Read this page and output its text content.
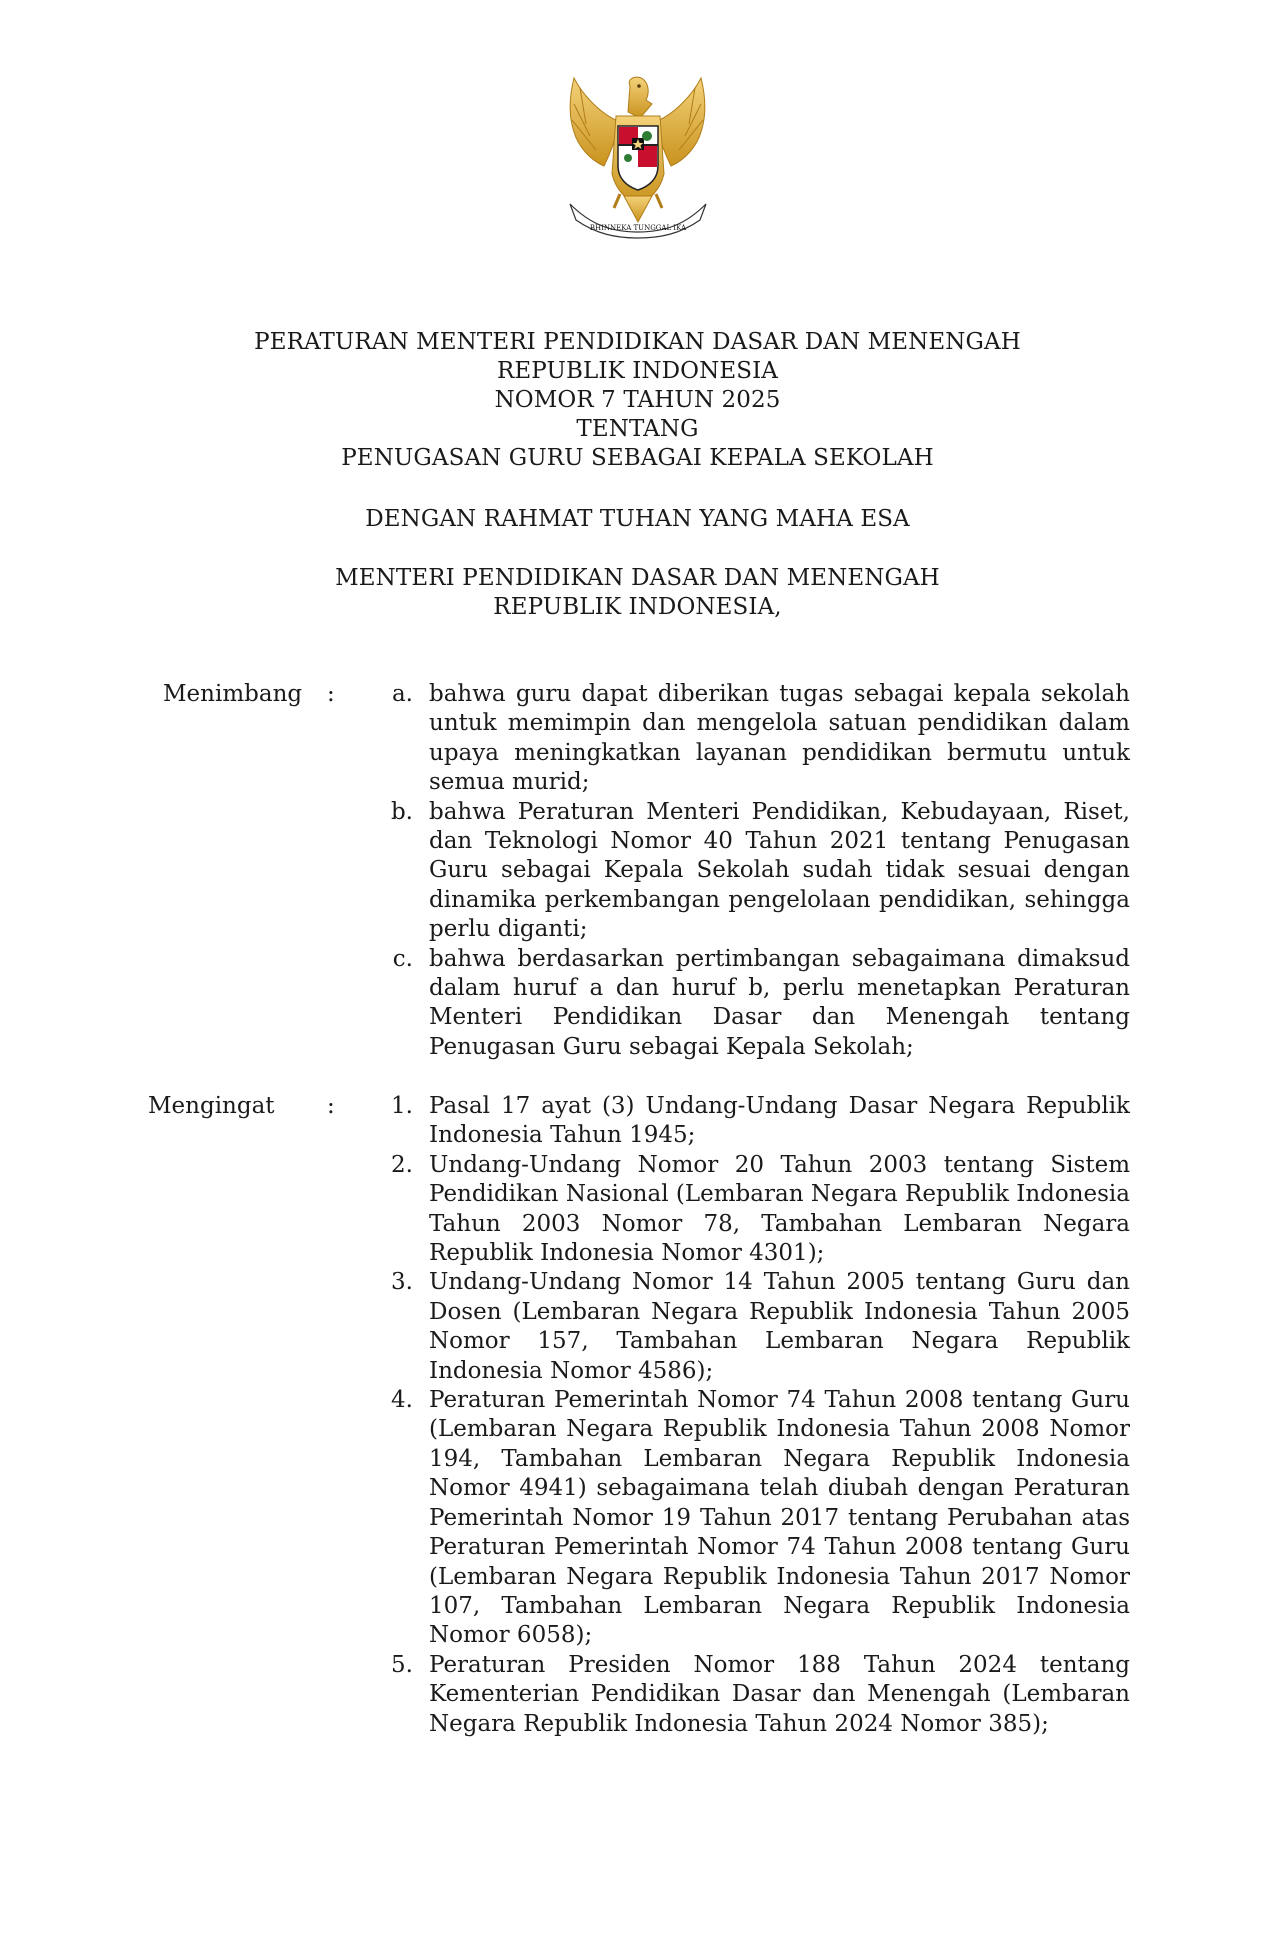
BHINNEKA TUNGGAL IKA
PERATURAN MENTERI PENDIDIKAN DASAR DAN MENENGAH
REPUBLIK INDONESIA
NOMOR 7 TAHUN 2025
TENTANG
PENUGASAN GURU SEBAGAI KEPALA SEKOLAH
DENGAN RAHMAT TUHAN YANG MAHA ESA
MENTERI PENDIDIKAN DASAR DAN MENENGAH
REPUBLIK INDONESIA,
Menimbang :	a. bahwa guru dapat diberikan tugas sebagai kepala sekolah untuk memimpin dan mengelola satuan pendidikan dalam upaya meningkatkan layanan pendidikan bermutu untuk semua murid;
b. bahwa Peraturan Menteri Pendidikan, Kebudayaan, Riset, dan Teknologi Nomor 40 Tahun 2021 tentang Penugasan Guru sebagai Kepala Sekolah sudah tidak sesuai dengan dinamika perkembangan pengelolaan pendidikan, sehingga perlu diganti;
c. bahwa berdasarkan pertimbangan sebagaimana dimaksud dalam huruf a dan huruf b, perlu menetapkan Peraturan Menteri Pendidikan Dasar dan Menengah tentang Penugasan Guru sebagai Kepala Sekolah;
Mengingat :	1. Pasal 17 ayat (3) Undang-Undang Dasar Negara Republik Indonesia Tahun 1945;
2. Undang-Undang Nomor 20 Tahun 2003 tentang Sistem Pendidikan Nasional (Lembaran Negara Republik Indonesia Tahun 2003 Nomor 78, Tambahan Lembaran Negara Republik Indonesia Nomor 4301);
3. Undang-Undang Nomor 14 Tahun 2005 tentang Guru dan Dosen (Lembaran Negara Republik Indonesia Tahun 2005 Nomor 157, Tambahan Lembaran Negara Republik Indonesia Nomor 4586);
4. Peraturan Pemerintah Nomor 74 Tahun 2008 tentang Guru (Lembaran Negara Republik Indonesia Tahun 2008 Nomor 194, Tambahan Lembaran Negara Republik Indonesia Nomor 4941) sebagaimana telah diubah dengan Peraturan Pemerintah Nomor 19 Tahun 2017 tentang Perubahan atas Peraturan Pemerintah Nomor 74 Tahun 2008 tentang Guru (Lembaran Negara Republik Indonesia Tahun 2017 Nomor 107, Tambahan Lembaran Negara Republik Indonesia Nomor 6058);
5. Peraturan Presiden Nomor 188 Tahun 2024 tentang Kementerian Pendidikan Dasar dan Menengah (Lembaran Negara Republik Indonesia Tahun 2024 Nomor 385);
